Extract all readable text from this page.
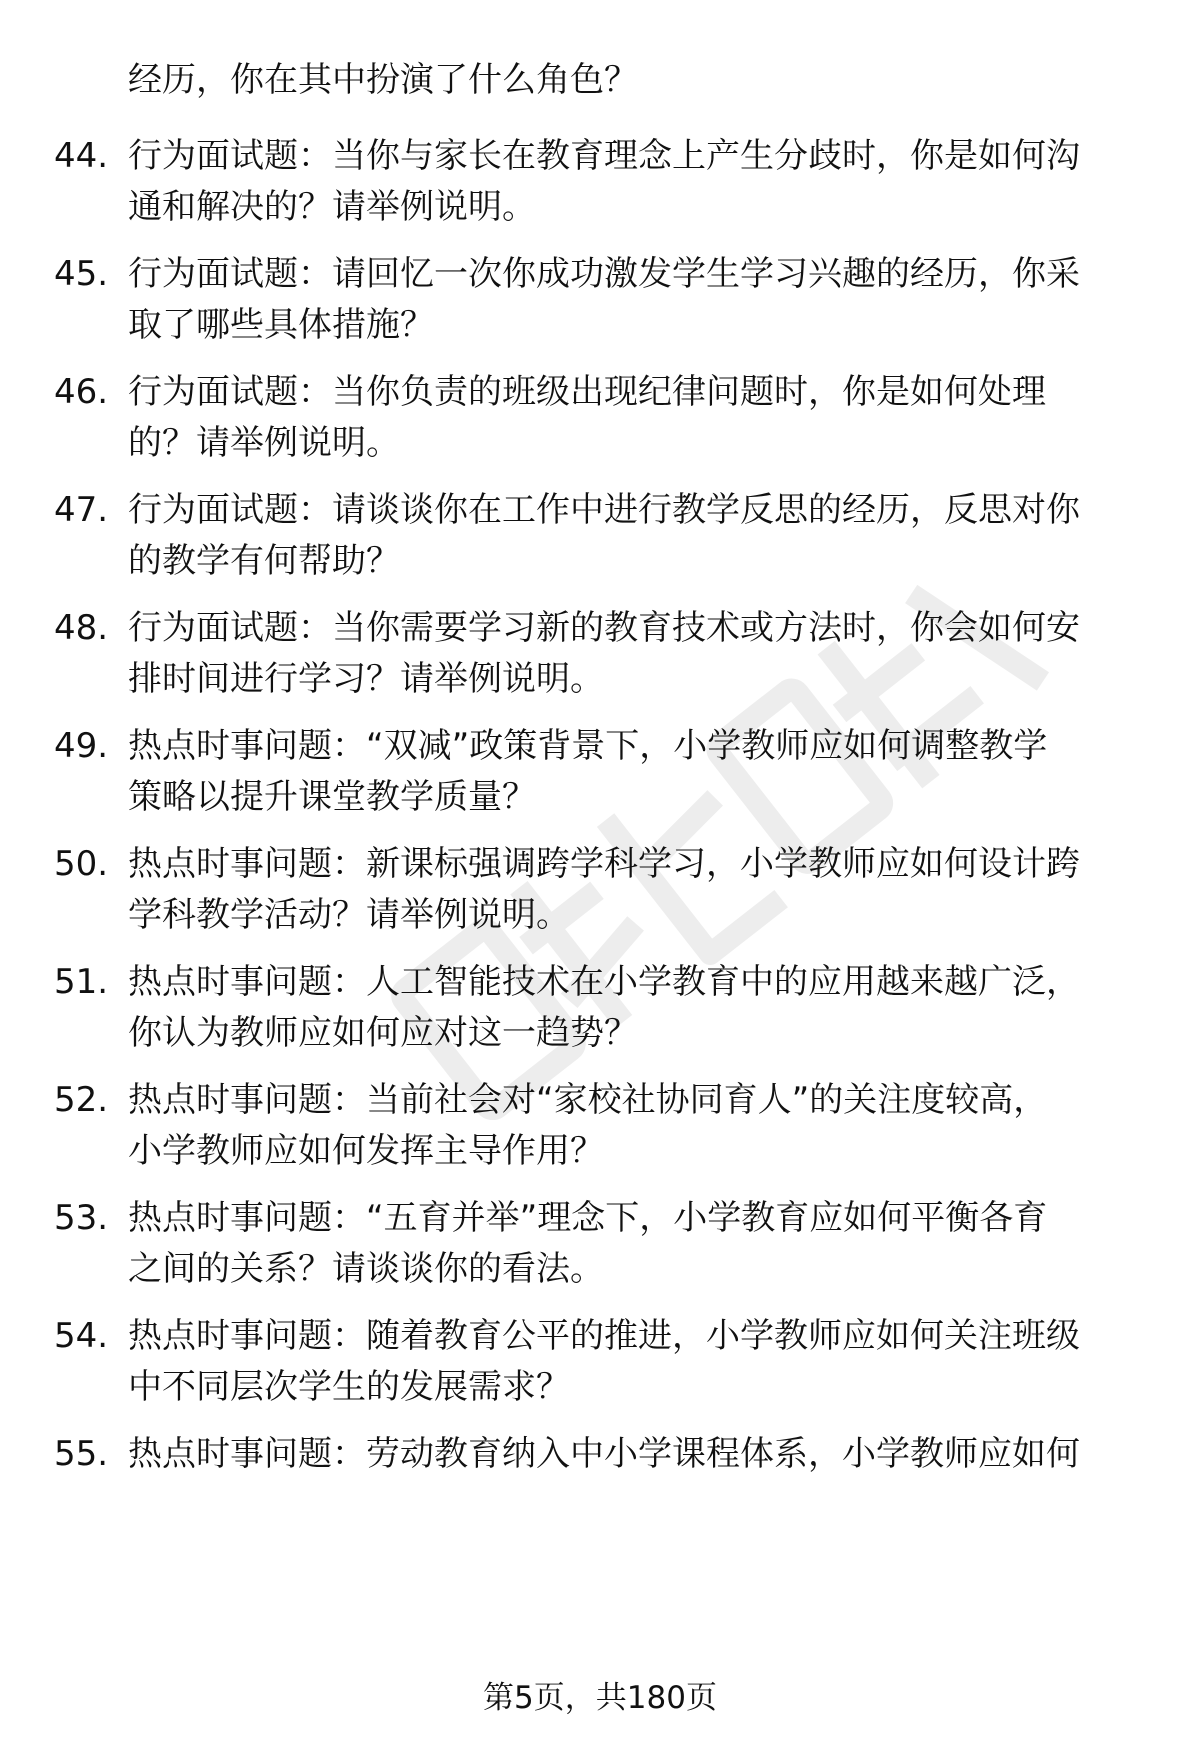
经历，你在其中扮演了什么角色？
44. 行为面试题：当你与家长在教育理念上产生分歧时，你是如何沟
通和解决的？请举例说明。
45. 行为面试题：请回忆一次你成功激发学生学习兴趣的经历，你采
取了哪些具体措施？
46. 行为面试题：当你负责的班级出现纪律问题时，你是如何处理
的？请举例说明。
47. 行为面试题：请谈谈你在工作中进行教学反思的经历，反思对你
的教学有何帮助？
48. 行为面试题：当你需要学习新的教育技术或方法时，你会如何安
排时间进行学习？请举例说明。
49. 热点时事问题：“双减”政策背景下，小学教师应如何调整教学
策略以提升课堂教学质量？
50. 热点时事问题：新课标强调跨学科学习，小学教师应如何设计跨
学科教学活动？请举例说明。
51. 热点时事问题：人工智能技术在小学教育中的应用越来越广泛，
你认为教师应如何应对这一趋势？
52. 热点时事问题：当前社会对“家校社协同育人”的关注度较高，
小学教师应如何发挥主导作用？
53. 热点时事问题：“五育并举”理念下，小学教育应如何平衡各育
之间的关系？请谈谈你的看法。
54. 热点时事问题：随着教育公平的推进，小学教师应如何关注班级
中不同层次学生的发展需求？
55. 热点时事问题：劳动教育纳入中小学课程体系，小学教师应如何
第5页，共180页
